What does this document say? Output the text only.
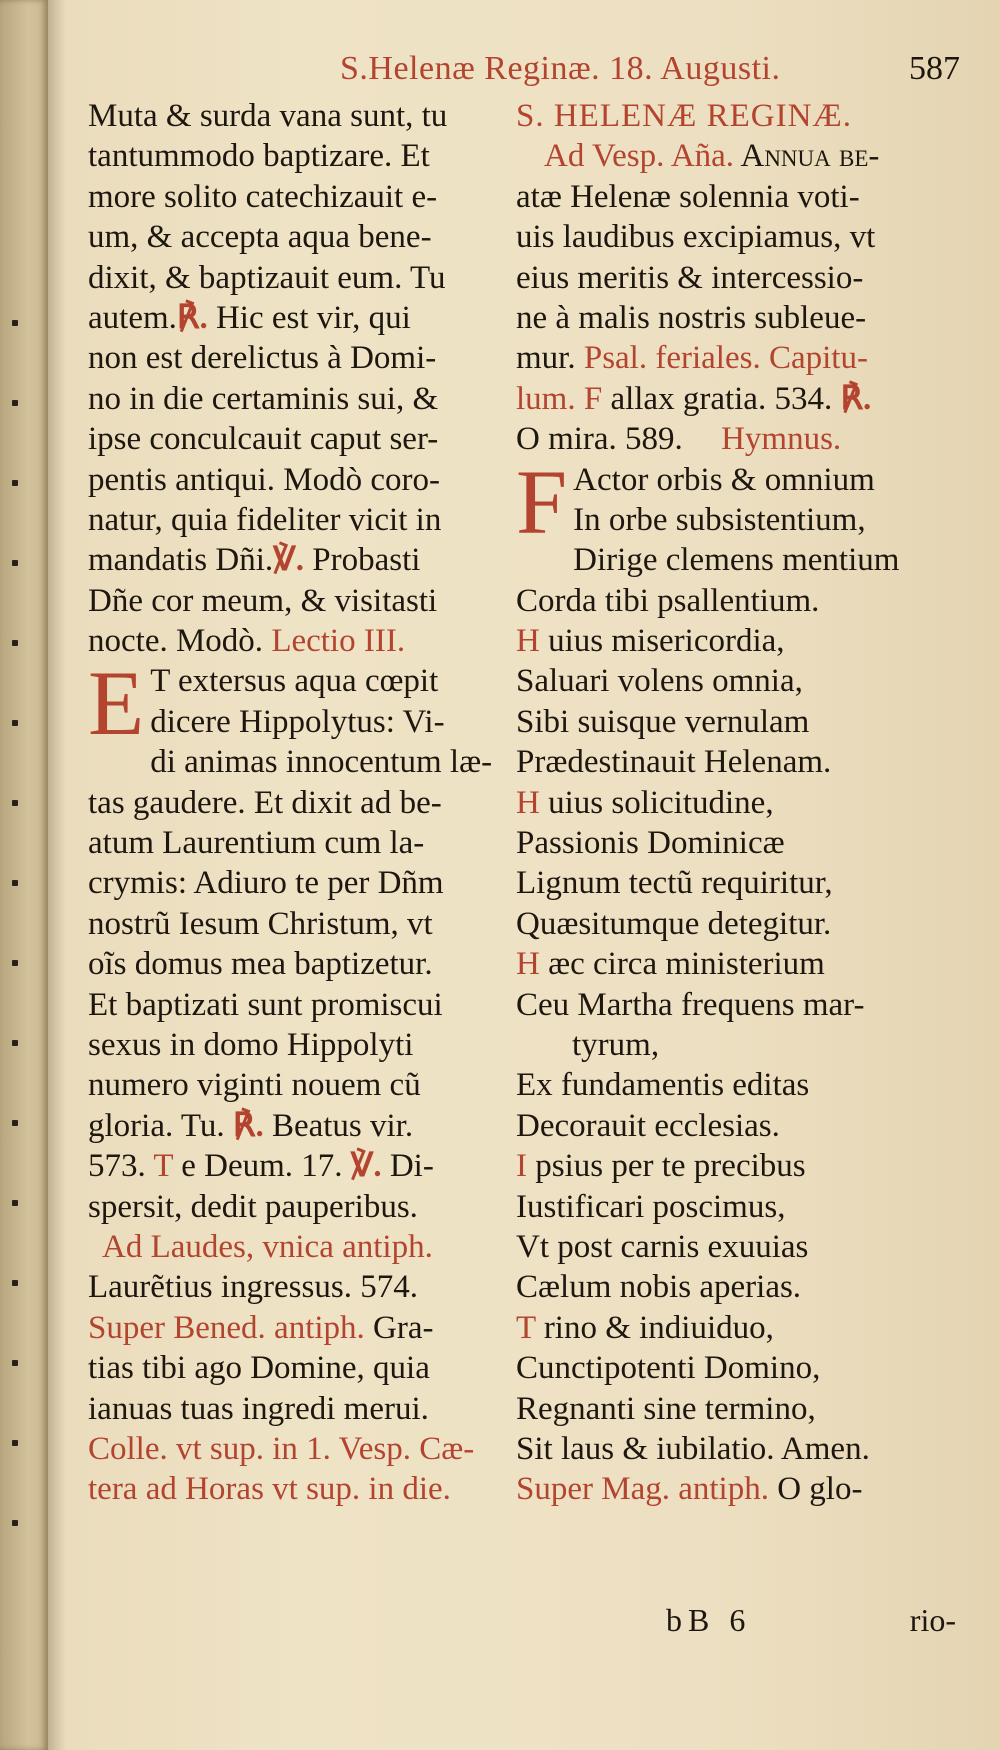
S.Helenæ Reginæ. 18. Augusti.	587
Muta & surda vana sunt, tu
tantummodo baptizare. Et
more solito catechizauit e-
um, & accepta aqua bene-
dixit, & baptizauit eum. Tu
autem.℟. Hic est vir, qui
non est derelictus à Domi-
no in die certaminis sui, &
ipse conculcauit caput ser-
pentis antiqui. Modò coro-
natur, quia fideliter vicit in
mandatis Dñi.℣. Probasti
Dñe cor meum, & visitasti
nocte. Modò. Lectio III.
E T extersus aqua cœpit
dicere Hippolytus: Vi-
di animas innocentum læ-
tas gaudere. Et dixit ad be-
atum Laurentium cum la-
crymis: Adiuro te per Dñm
nostrũ Iesum Christum, vt
oĩs domus mea baptizetur.
Et baptizati sunt promiscui
sexus in domo Hippolyti
numero viginti nouem cũ
gloria. Tu. ℟. Beatus vir.
573. T e Deum. 17. ℣. Di-
spersit, dedit pauperibus.
Ad Laudes, vnica antiph.
Laurẽtius ingressus. 574.
Super Bened. antiph. Gra-
tias tibi ago Domine, quia
ianuas tuas ingredi merui.
Colle. vt sup. in 1. Vesp. Cæ-
tera ad Horas vt sup. in die.
S. HELENÆ REGINÆ.
Ad Vesp. Aña. Annua be-
atæ Helenæ solennia voti-
uis laudibus excipiamus, vt
eius meritis & intercessio-
ne à malis nostris subleue-
mur. Psal. feriales. Capitu-
lum. F allax gratia. 534. ℟.
O mira. 589. Hymnus.
F Actor orbis & omnium
In orbe subsistentium,
Dirige clemens mentium
Corda tibi psallentium.
H uius misericordia,
Saluari volens omnia,
Sibi suisque vernulam
Prædestinauit Helenam.
H uius solicitudine,
Passionis Dominicæ
Lignum tectũ requiritur,
Quæsitumque detegitur.
H æc circa ministerium
Ceu Martha frequens mar-
tyrum,
Ex fundamentis editas
Decorauit ecclesias.
I psius per te precibus
Iustificari poscimus,
Vt post carnis exuuias
Cælum nobis aperias.
T rino & indiuiduo,
Cunctipotenti Domino,
Regnanti sine termino,
Sit laus & iubilatio. Amen.
Super Mag. antiph. O glo-
bB 6	rio-
